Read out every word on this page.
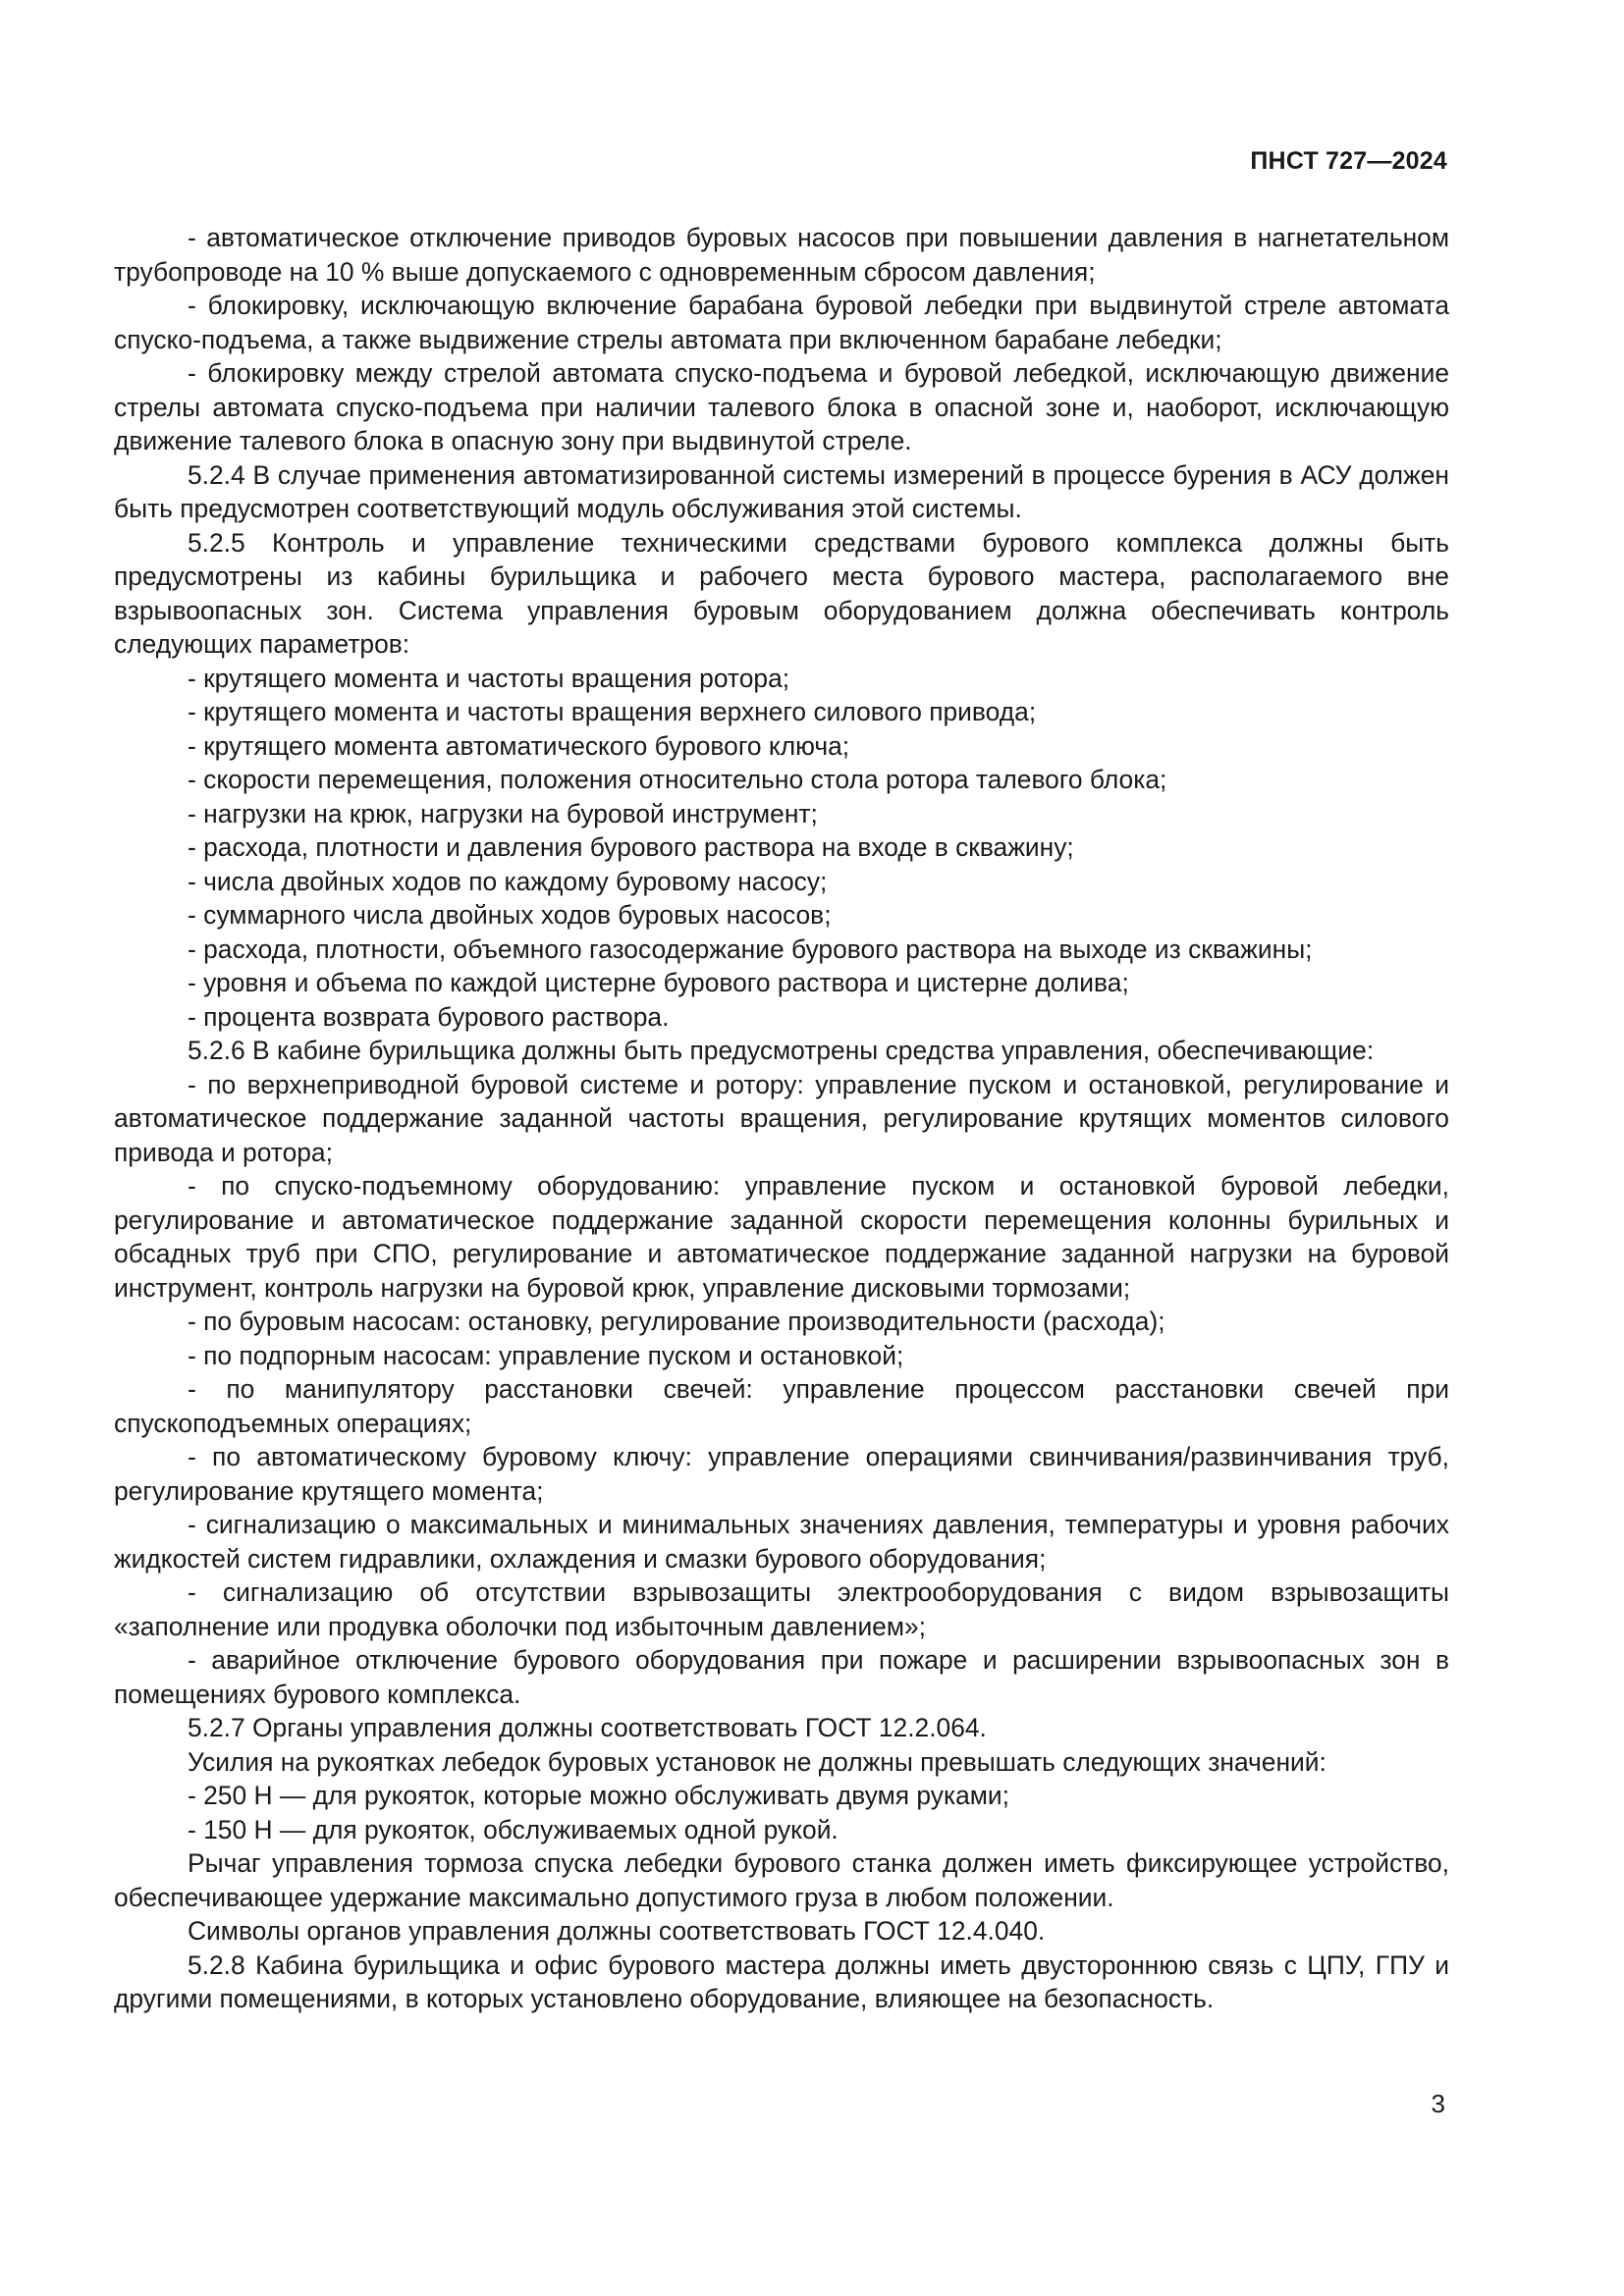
ПНСТ 727—2024

- автоматическое отключение приводов буровых насосов при повышении давления в нагнетательном трубопроводе на 10 % выше допускаемого с одновременным сбросом давления;

- блокировку, исключающую включение барабана буровой лебедки при выдвинутой стреле автомата спуско-подъема, а также выдвижение стрелы автомата при включенном барабане лебедки;

- блокировку между стрелой автомата спуско-подъема и буровой лебедкой, исключающую движение стрелы автомата спуско-подъема при наличии талевого блока в опасной зоне и, наоборот, исключающую движение талевого блока в опасную зону при выдвинутой стреле.

5.2.4 В случае применения автоматизированной системы измерений в процессе бурения в АСУ должен быть предусмотрен соответствующий модуль обслуживания этой системы.

5.2.5 Контроль и управление техническими средствами бурового комплекса должны быть предусмотрены из кабины бурильщика и рабочего места бурового мастера, располагаемого вне взрывоопасных зон. Система управления буровым оборудованием должна обеспечивать контроль следующих параметров:

- крутящего момента и частоты вращения ротора;

- крутящего момента и частоты вращения верхнего силового привода;

- крутящего момента автоматического бурового ключа;

- скорости перемещения, положения относительно стола ротора талевого блока;

- нагрузки на крюк, нагрузки на буровой инструмент;

- расхода, плотности и давления бурового раствора на входе в скважину;

- числа двойных ходов по каждому буровому насосу;

- суммарного числа двойных ходов буровых насосов;

- расхода, плотности, объемного газосодержание бурового раствора на выходе из скважины;

- уровня и объема по каждой цистерне бурового раствора и цистерне долива;

- процента возврата бурового раствора.

5.2.6 В кабине бурильщика должны быть предусмотрены средства управления, обеспечивающие:

- по верхнеприводной буровой системе и ротору: управление пуском и остановкой, регулирование и автоматическое поддержание заданной частоты вращения, регулирование крутящих моментов силового привода и ротора;

- по спуско-подъемному оборудованию: управление пуском и остановкой буровой лебедки, регулирование и автоматическое поддержание заданной скорости перемещения колонны бурильных и обсадных труб при СПО, регулирование и автоматическое поддержание заданной нагрузки на буровой инструмент, контроль нагрузки на буровой крюк, управление дисковыми тормозами;

- по буровым насосам: остановку, регулирование производительности (расхода);

- по подпорным насосам: управление пуском и остановкой;

- по манипулятору расстановки свечей: управление процессом расстановки свечей при спускоподъемных операциях;

- по автоматическому буровому ключу: управление операциями свинчивания/развинчивания труб, регулирование крутящего момента;

- сигнализацию о максимальных и минимальных значениях давления, температуры и уровня рабочих жидкостей систем гидравлики, охлаждения и смазки бурового оборудования;

- сигнализацию об отсутствии взрывозащиты электрооборудования с видом взрывозащиты «заполнение или продувка оболочки под избыточным давлением»;

- аварийное отключение бурового оборудования при пожаре и расширении взрывоопасных зон в помещениях бурового комплекса.

5.2.7 Органы управления должны соответствовать ГОСТ 12.2.064.

Усилия на рукоятках лебедок буровых установок не должны превышать следующих значений:

- 250 Н — для рукояток, которые можно обслуживать двумя руками;

- 150 Н — для рукояток, обслуживаемых одной рукой.

Рычаг управления тормоза спуска лебедки бурового станка должен иметь фиксирующее устройство, обеспечивающее удержание максимально допустимого груза в любом положении.

Символы органов управления должны соответствовать ГОСТ 12.4.040.

5.2.8 Кабина бурильщика и офис бурового мастера должны иметь двустороннюю связь с ЦПУ, ГПУ и другими помещениями, в которых установлено оборудование, влияющее на безопасность.

3
